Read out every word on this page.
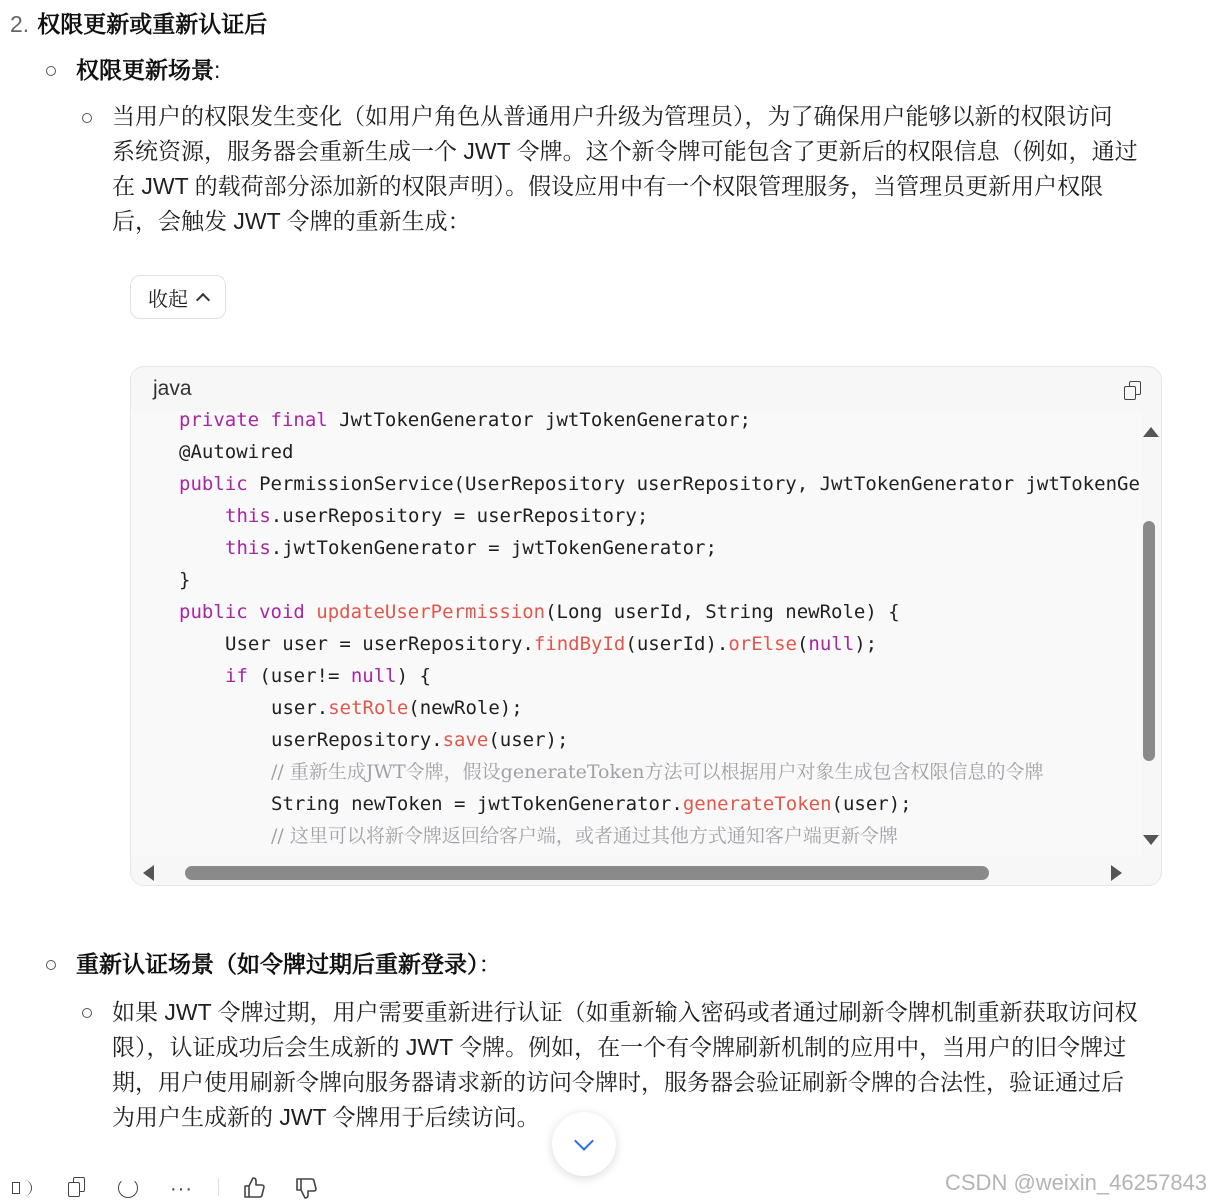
2. 权限更新或重新认证后
权限更新场景:
当用户的权限发生变化（如用户角色从普通用户升级为管理员），为了确保用户能够以新的权限访问
系统资源，服务器会重新生成一个 JWT 令牌。这个新令牌可能包含了更新后的权限信息（例如，通过
在 JWT 的载荷部分添加新的权限声明）。假设应用中有一个权限管理服务，当管理员更新用户权限
后，会触发 JWT 令牌的重新生成：
收起
java
private final JwtTokenGenerator jwtTokenGenerator;
@Autowired
public PermissionService(UserRepository userRepository, JwtTokenGenerator jwtTokenGe
this.userRepository = userRepository;
this.jwtTokenGenerator = jwtTokenGenerator;
}
public void updateUserPermission(Long userId, String newRole) {
User user = userRepository.findById(userId).orElse(null);
if (user!= null) {
user.setRole(newRole);
userRepository.save(user);
// 重新生成JWT令牌，假设generateToken方法可以根据用户对象生成包含权限信息的令牌
String newToken = jwtTokenGenerator.generateToken(user);
// 这里可以将新令牌返回给客户端，或者通过其他方式通知客户端更新令牌
重新认证场景（如令牌过期后重新登录）：
如果 JWT 令牌过期，用户需要重新进行认证（如重新输入密码或者通过刷新令牌机制重新获取访问权
限），认证成功后会生成新的 JWT 令牌。例如，在一个有令牌刷新机制的应用中，当用户的旧令牌过
期，用户使用刷新令牌向服务器请求新的访问令牌时，服务器会验证刷新令牌的合法性，验证通过后
为用户生成新的 JWT 令牌用于后续访问。
···	CSDN @weixin_46257843
